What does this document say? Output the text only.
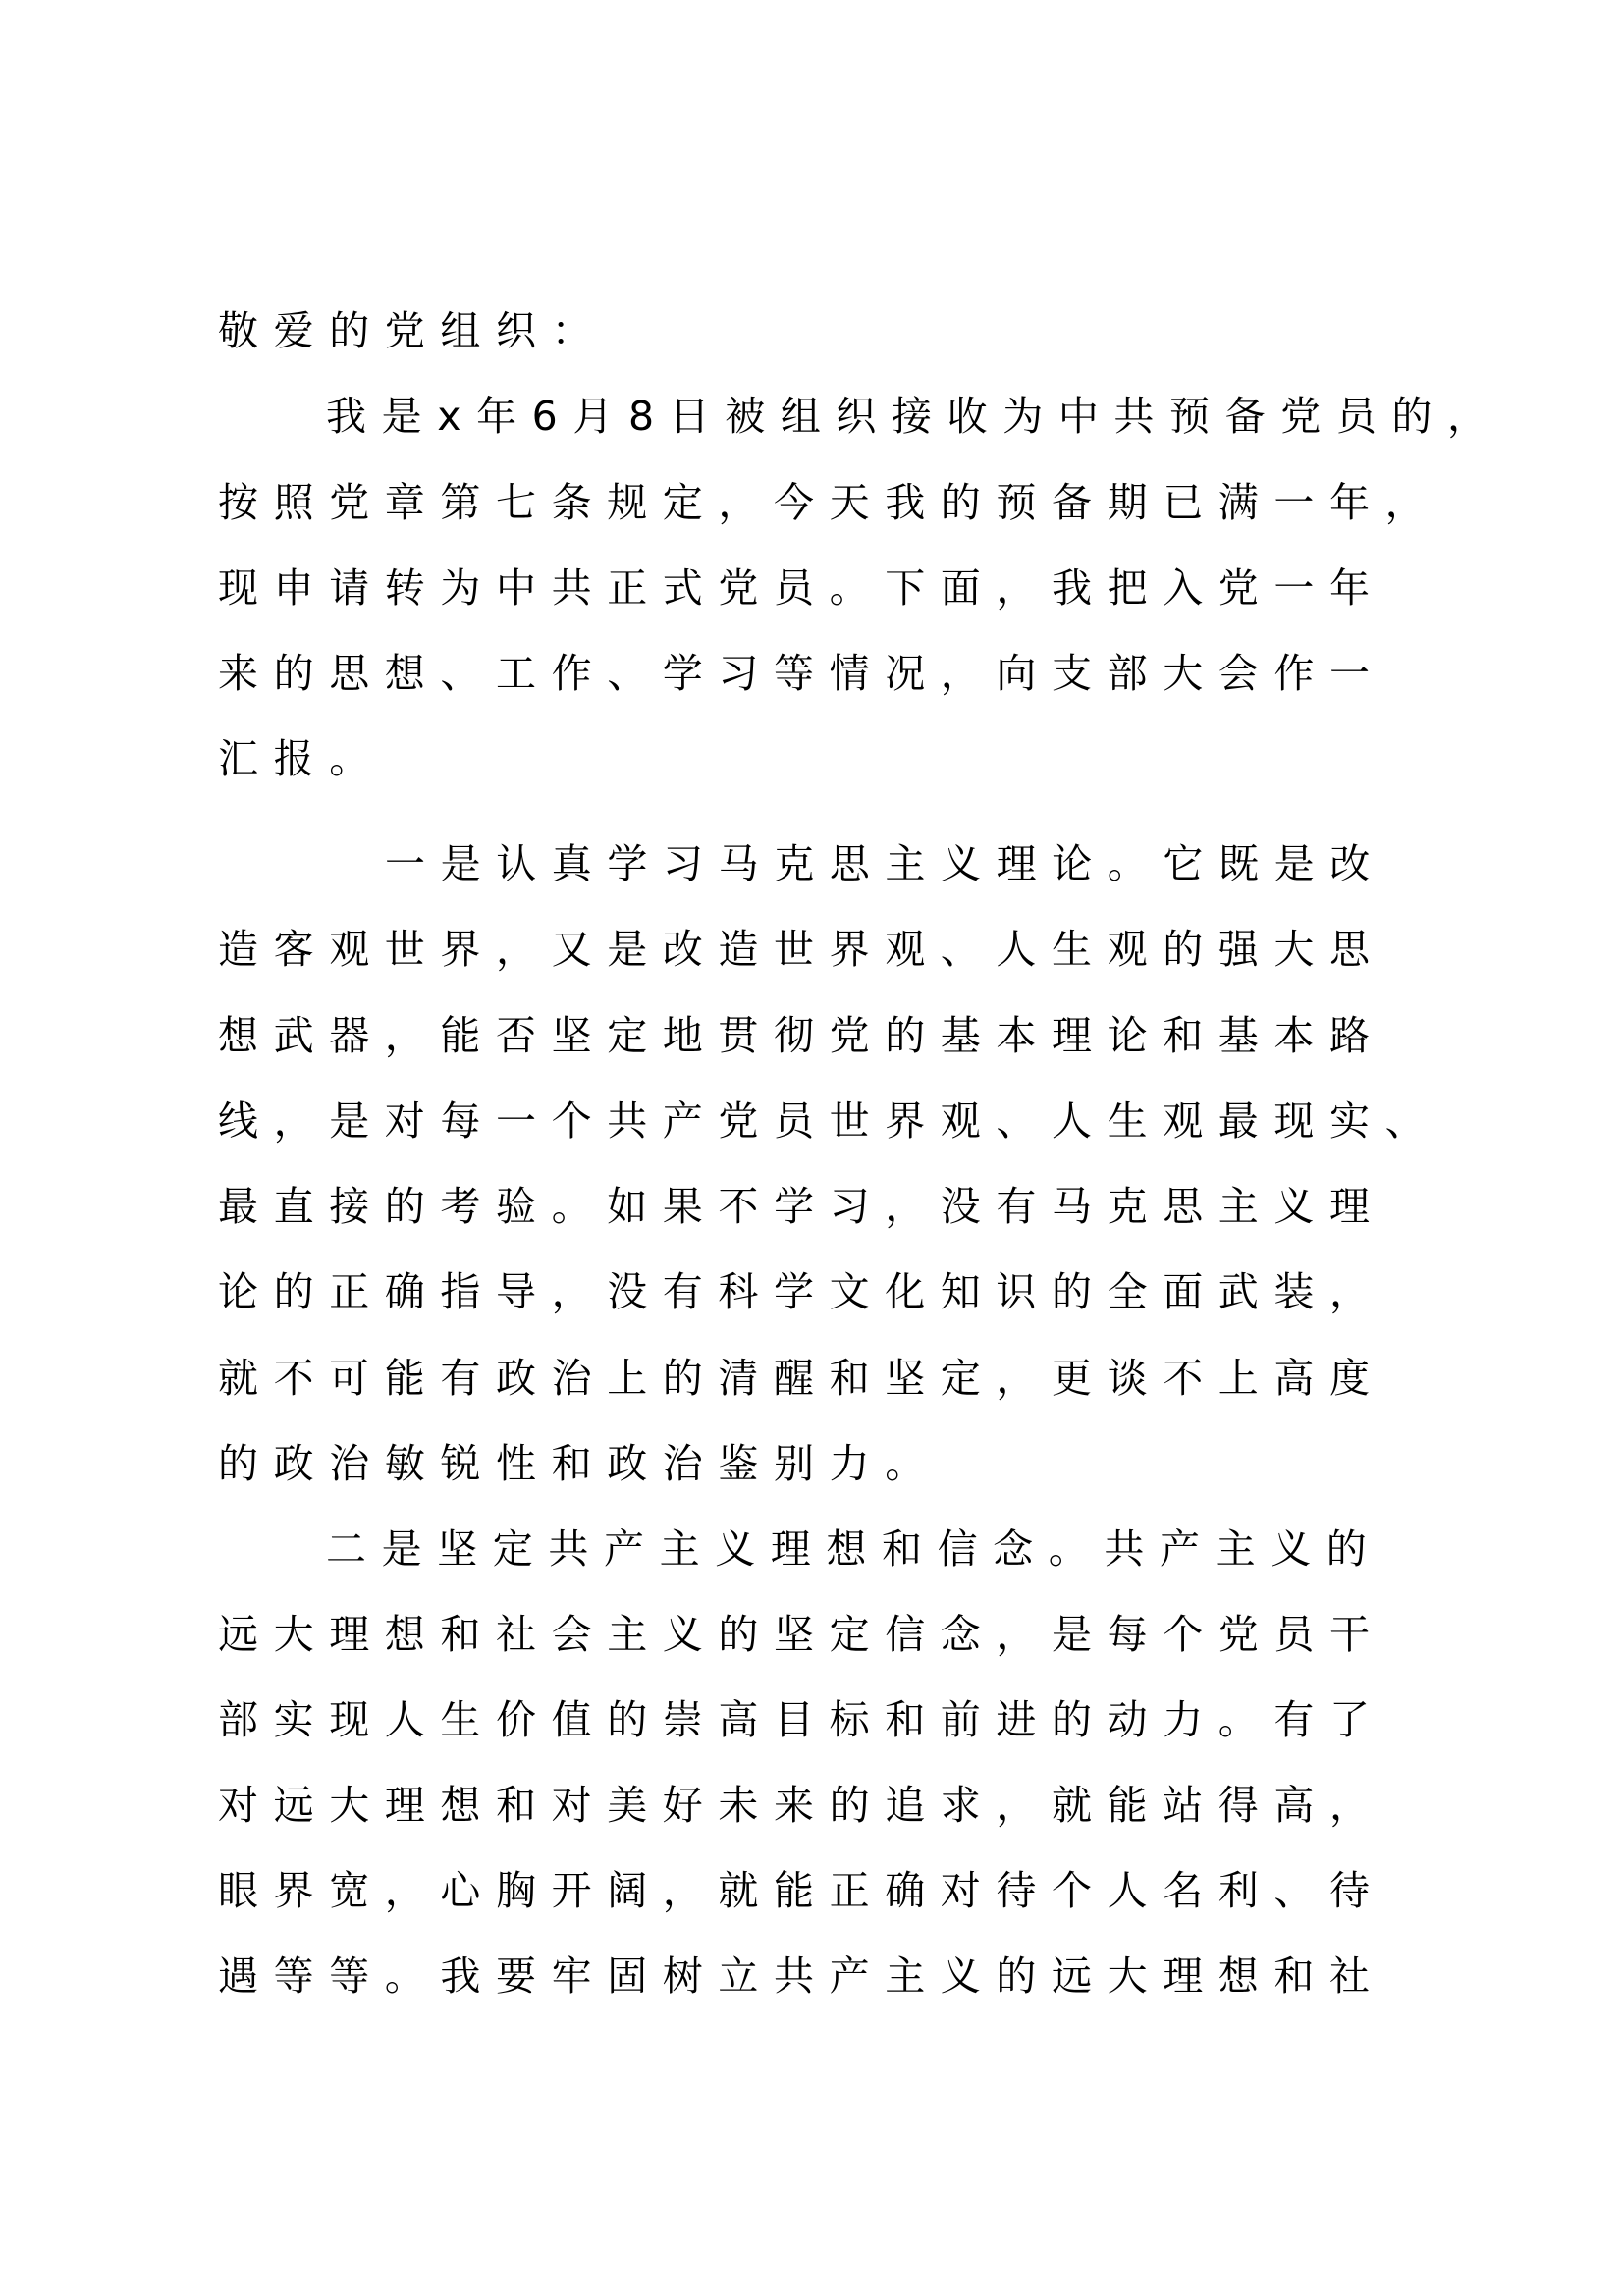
敬爱的党组织：
我是x年6月8日被组织接收为中共预备党员的，
按照党章第七条规定，今天我的预备期已满一年，
现申请转为中共正式党员。下面，我把入党一年
来的思想、工作、学习等情况，向支部大会作一
汇报。
一是认真学习马克思主义理论。它既是改
造客观世界，又是改造世界观、人生观的强大思
想武器，能否坚定地贯彻党的基本理论和基本路
线，是对每一个共产党员世界观、人生观最现实、
最直接的考验。如果不学习，没有马克思主义理
论的正确指导，没有科学文化知识的全面武装，
就不可能有政治上的清醒和坚定，更谈不上高度
的政治敏锐性和政治鉴别力。
二是坚定共产主义理想和信念。共产主义的
远大理想和社会主义的坚定信念，是每个党员干
部实现人生价值的崇高目标和前进的动力。有了
对远大理想和对美好未来的追求，就能站得高，
眼界宽，心胸开阔，就能正确对待个人名利、待
遇等等。我要牢固树立共产主义的远大理想和社
